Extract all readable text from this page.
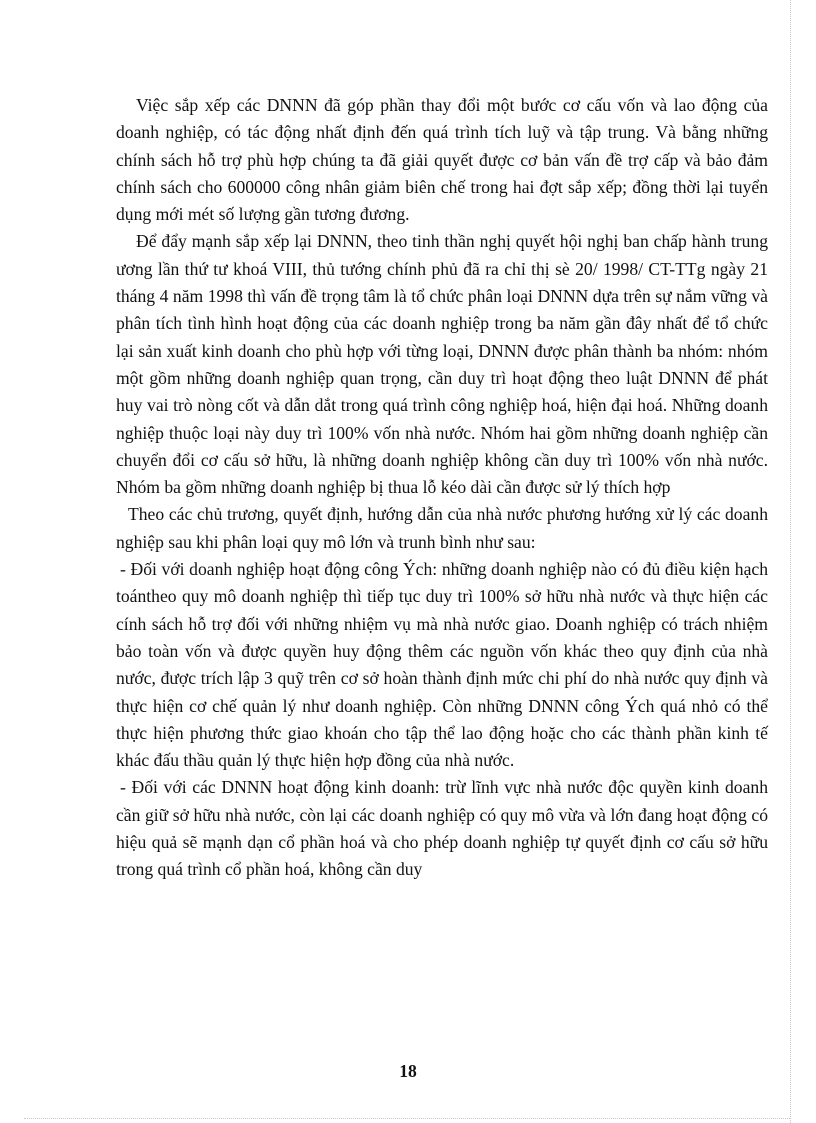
Việc sắp xếp các DNNN đã góp phần thay đổi một bước cơ cấu vốn và lao động của doanh nghiệp, có tác động nhất định đến quá trình tích luỹ và tập trung. Và bằng những chính sách hỗ trợ phù hợp chúng ta đã giải quyết được cơ bản vấn đề trợ cấp và bảo đảm chính sách cho 600000 công nhân giảm biên chế trong hai đợt sắp xếp; đồng thời lại tuyển dụng mới mét số lượng gần tương đương.

Để đẩy mạnh sắp xếp lại DNNN, theo tinh thần nghị quyết hội nghị ban chấp hành trung ương lần thứ tư khoá VIII, thủ tướng chính phủ đã ra chỉ thị sè 20/ 1998/ CT-TTg ngày 21 tháng 4 năm 1998 thì vấn đề trọng tâm là tổ chức phân loại DNNN dựa trên sự nắm vững và phân tích tình hình hoạt động của các doanh nghiệp trong ba năm gần đây nhất để tổ chức lại sản xuất kinh doanh cho phù hợp với từng loại, DNNN được phân thành ba nhóm: nhóm một gồm những doanh nghiệp quan trọng, cần duy trì hoạt động theo luật DNNN để phát huy vai trò nòng cốt và dẫn dắt trong quá trình công nghiệp hoá, hiện đại hoá. Những doanh nghiệp thuộc loại này duy trì 100% vốn nhà nước. Nhóm hai gồm những doanh nghiệp cần chuyển đổi cơ cấu sở hữu, là những doanh nghiệp không cần duy trì 100% vốn nhà nước. Nhóm ba gồm những doanh nghiệp bị thua lỗ kéo dài cần được sử lý thích hợp

Theo các chủ trương, quyết định, hướng dẫn của nhà nước phương hướng xử lý các doanh nghiệp sau khi phân loại quy mô lớn và trunh bình như sau:

- Đối với doanh nghiệp hoạt động công Ých: những doanh nghiệp nào có đủ điều kiện hạch toántheo quy mô doanh nghiệp thì tiếp tục duy trì 100% sở hữu nhà nước và thực hiện các cính sách hỗ trợ đối với những nhiệm vụ mà nhà nước giao. Doanh nghiệp có trách nhiệm bảo toàn vốn và được quyền huy động thêm các nguồn vốn khác theo quy định của nhà nước, được trích lập 3 quỹ trên cơ sở hoàn thành định mức chi phí do nhà nước quy định và thực hiện cơ chế quản lý như doanh nghiệp. Còn những DNNN công Ých quá nhỏ có thể thực hiện phương thức giao khoán cho tập thể lao động hoặc cho các thành phần kinh tế khác đấu thầu quản lý thực hiện hợp đồng của nhà nước.

- Đối với các DNNN hoạt động kinh doanh: trừ lĩnh vực nhà nước độc quyền kinh doanh cần giữ sở hữu nhà nước, còn lại các doanh nghiệp có quy mô vừa và lớn đang hoạt động có hiệu quả sẽ mạnh dạn cổ phần hoá và cho phép doanh nghiệp tự quyết định cơ cấu sở hữu trong quá trình cổ phần hoá, không cần duy

18
